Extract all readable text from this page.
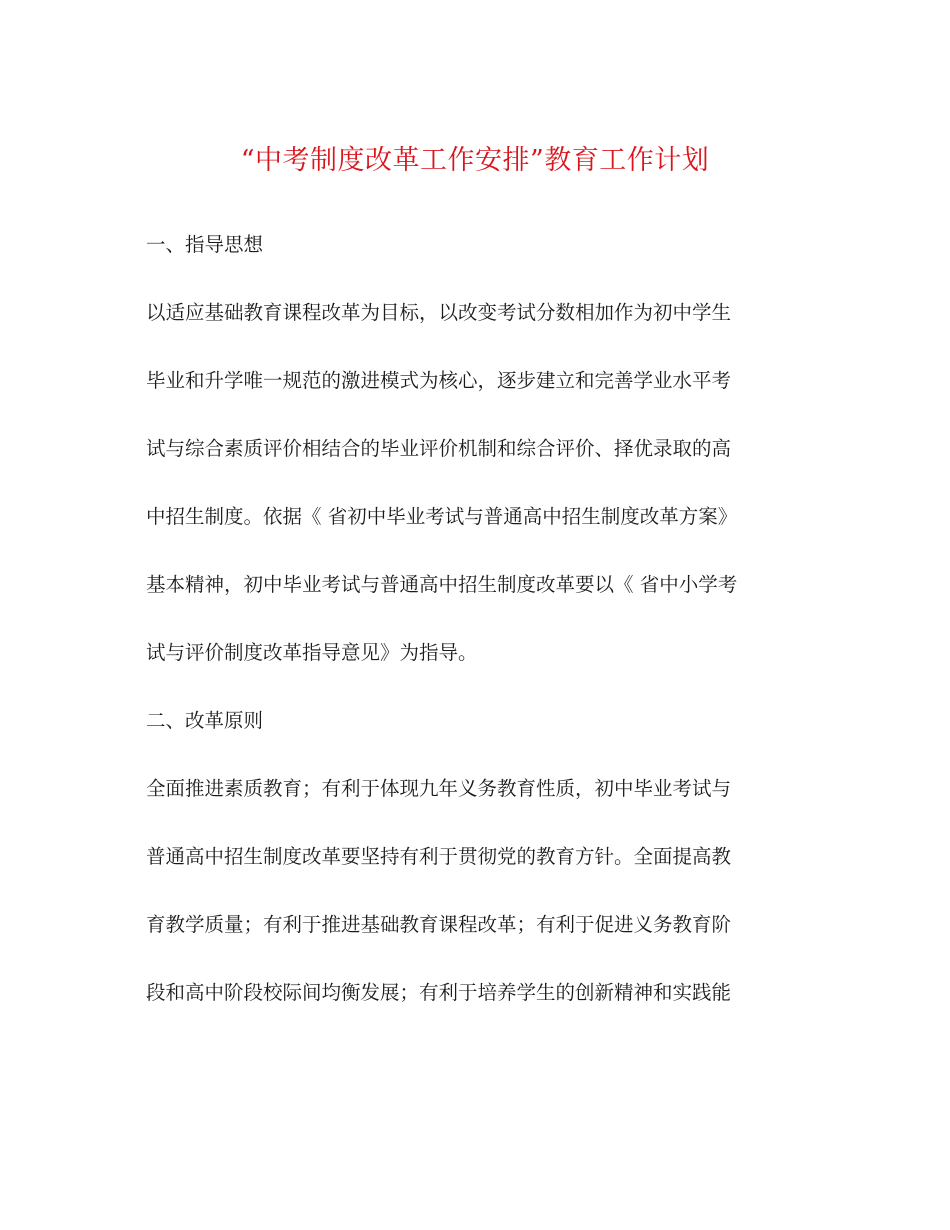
“中考制度改革工作安排”教育工作计划
一、指导思想
以适应基础教育课程改革为目标，以改变考试分数相加作为初中学生
毕业和升学唯一规范的激进模式为核心，逐步建立和完善学业水平考
试与综合素质评价相结合的毕业评价机制和综合评价、择优录取的高
中招生制度。依据《 省初中毕业考试与普通高中招生制度改革方案》
基本精神，初中毕业考试与普通高中招生制度改革要以《 省中小学考
试与评价制度改革指导意见》为指导。
二、改革原则
全面推进素质教育；有利于体现九年义务教育性质，初中毕业考试与
普通高中招生制度改革要坚持有利于贯彻党的教育方针。全面提高教
育教学质量；有利于推进基础教育课程改革；有利于促进义务教育阶
段和高中阶段校际间均衡发展；有利于培养学生的创新精神和实践能
